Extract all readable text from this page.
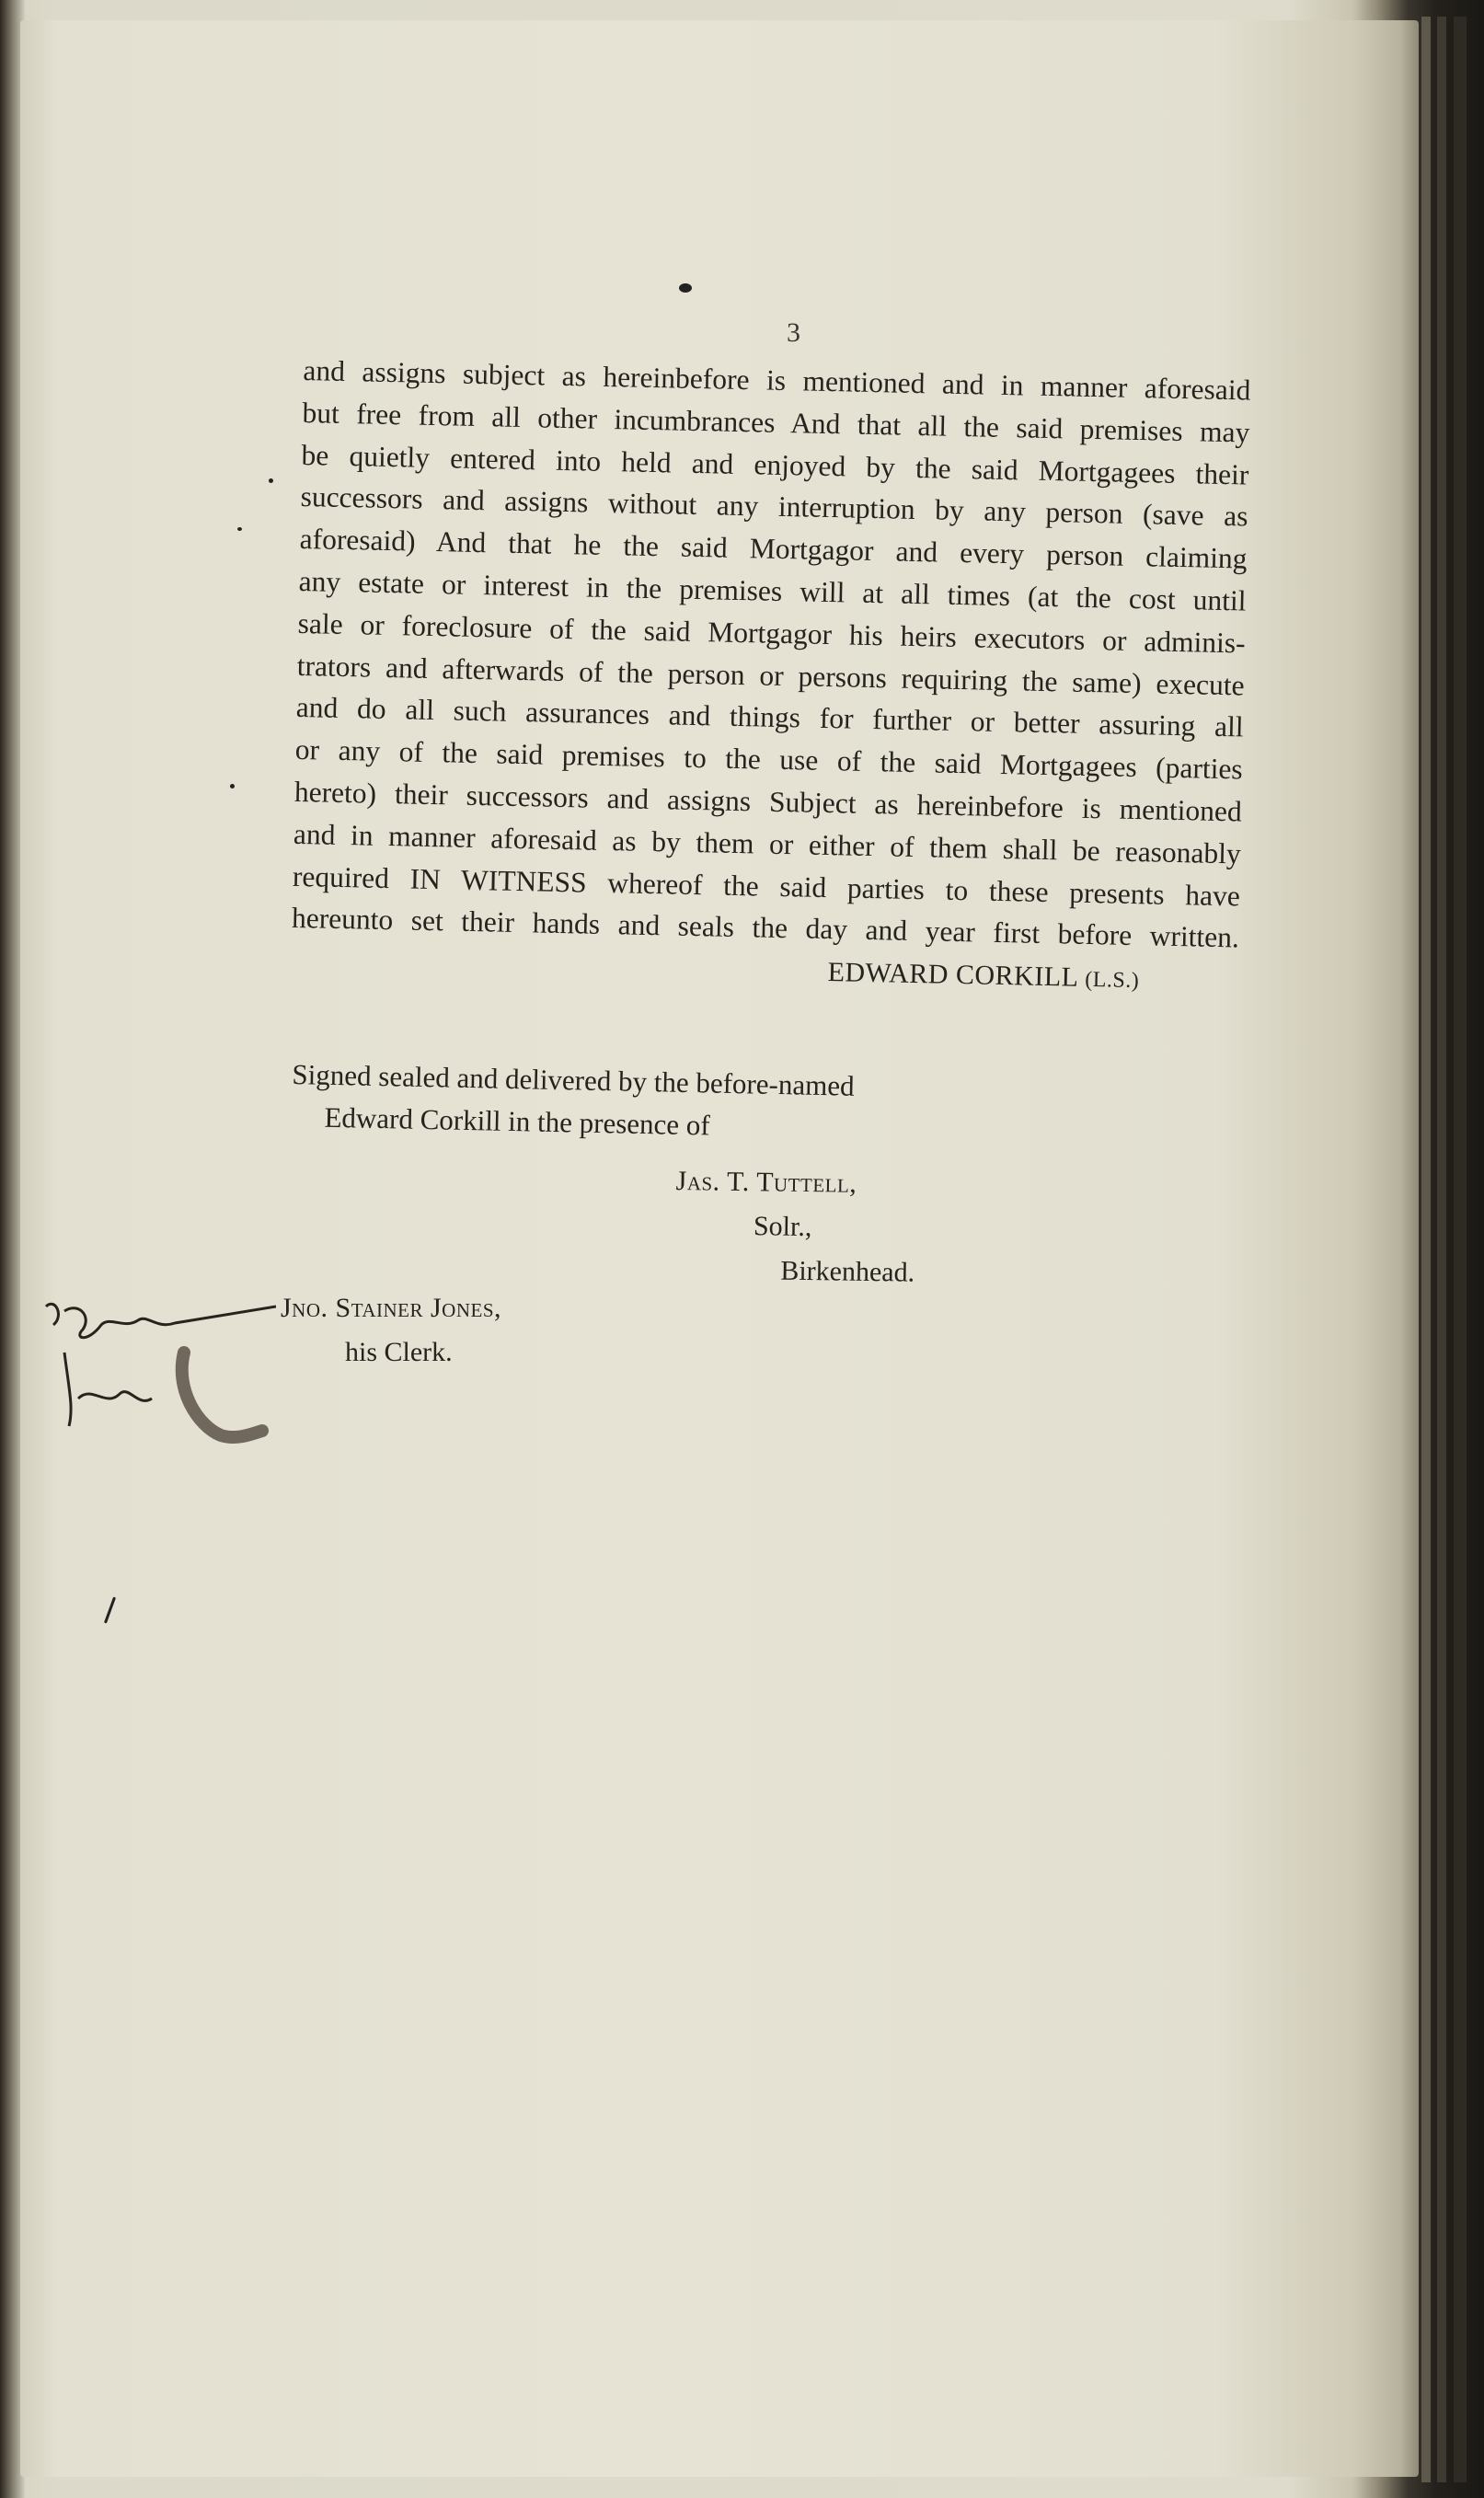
3
and assigns subject as hereinbefore is mentioned and in manner aforesaid
but free from all other incumbrances And that all the said premises may
be quietly entered into held and enjoyed by the said Mortgagees their
successors and assigns without any interruption by any person (save as
aforesaid) And that he the said Mortgagor and every person claiming
any estate or interest in the premises will at all times (at the cost until
sale or foreclosure of the said Mortgagor his heirs executors or adminis-
trators and afterwards of the person or persons requiring the same) execute
and do all such assurances and things for further or better assuring all
or any of the said premises to the use of the said Mortgagees (parties
hereto) their successors and assigns Subject as hereinbefore is mentioned
and in manner aforesaid as by them or either of them shall be reasonably
required IN WITNESS whereof the said parties to these presents have
hereunto set their hands and seals the day and year first before written.
EDWARD CORKILL (L.S.)
Signed sealed and delivered by the before-named
Edward Corkill in the presence of
Jas. T. Tuttell,
Solr.,
Birkenhead.
Jno. Stainer Jones,
his Clerk.
